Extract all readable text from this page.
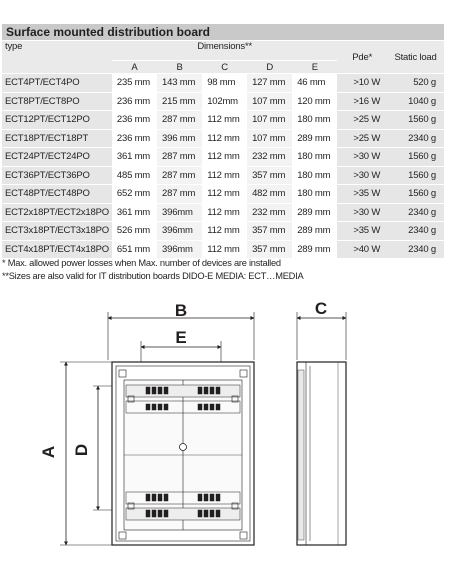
Surface mounted distribution board
type	Dimensions**					Pde*	Static load
	A	B	C	D	E		
ECT4PT/ECT4PO	235 mm	143 mm	98 mm	127 mm	46 mm	>10 W	520 g
ECT8PT/ECT8PO	236 mm	215 mm	102mm	107 mm	120 mm	>16 W	1040 g
ECT12PT/ECT12PO	236 mm	287 mm	112 mm	107 mm	180 mm	>25 W	1560 g
ECT18PT/ECT18PT	236 mm	396 mm	112 mm	107 mm	289 mm	>25 W	2340 g
ECT24PT/ECT24PO	361 mm	287 mm	112 mm	232 mm	180 mm	>30 W	1560 g
ECT36PT/ECT36PO	485 mm	287 mm	112 mm	357 mm	180 mm	>30 W	1560 g
ECT48PT/ECT48PO	652 mm	287 mm	112 mm	482 mm	180 mm	>35 W	1560 g
ECT2x18PT/ECT2x18PO	361 mm	396mm	112 mm	232 mm	289 mm	>30 W	2340 g
ECT3x18PT/ECT3x18PO	526 mm	396mm	112 mm	357 mm	289 mm	>35 W	2340 g
ECT4x18PT/ECT4x18PO	651 mm	396mm	112 mm	357 mm	289 mm	>40 W	2340 g
* Max. allowed power losses when Max. number of devices are installed
**Sizes are also valid for IT distribution boards DIDO-E MEDIA: ECT…MEDIA
B
E
C
A D
